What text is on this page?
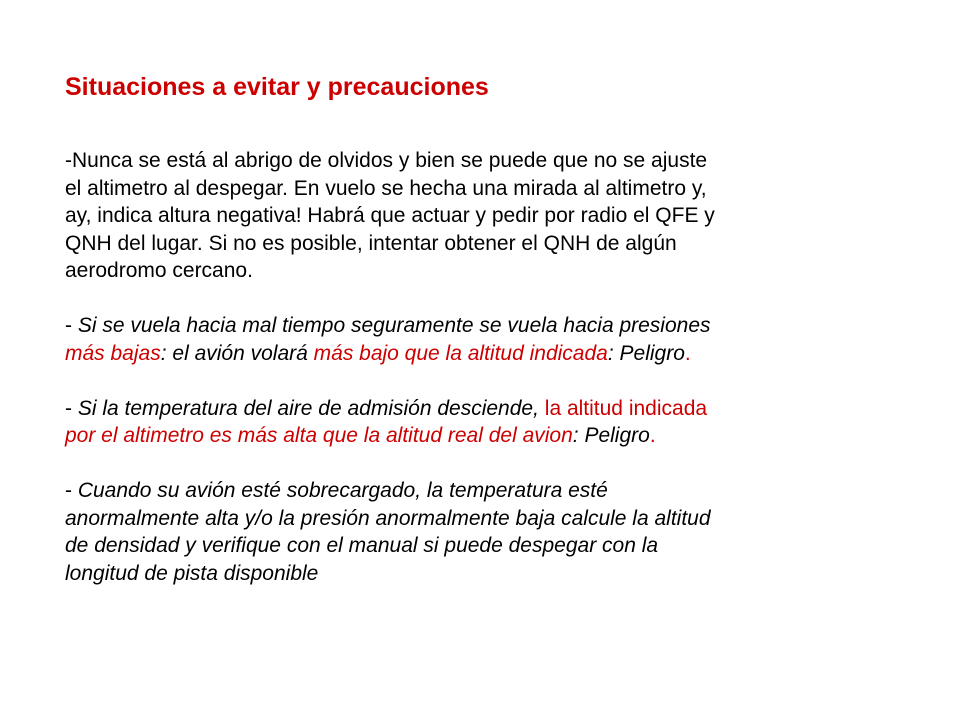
Situaciones a evitar y precauciones

-Nunca se está al abrigo de olvidos y bien se puede que no se ajuste
el altimetro al despegar. En vuelo se hecha una mirada al altimetro y,
ay, indica altura negativa! Habrá que actuar y pedir por radio el QFE y
QNH del lugar. Si no es posible, intentar obtener el QNH de algún
aerodromo cercano.

- Si se vuela hacia mal tiempo seguramente se vuela hacia presiones
más bajas: el avión volará más bajo que la altitud indicada: Peligro.

- Si la temperatura del aire de admisión desciende, la altitud indicada
por el altimetro es más alta que la altitud real del avion: Peligro.

- Cuando su avión esté sobrecargado, la temperatura esté
anormalmente alta y/o la presión anormalmente baja calcule la altitud
de densidad y verifique con el manual si puede despegar con la
longitud de pista disponible
